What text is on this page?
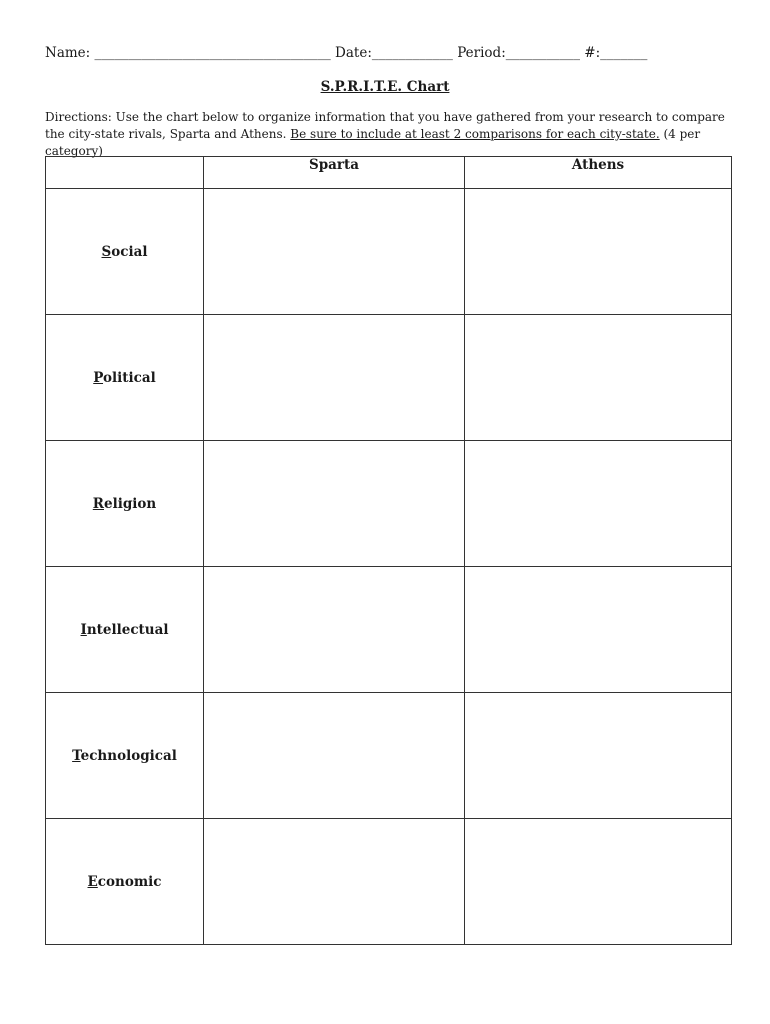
Name: ___________________________________ Date:____________ Period:___________ #:_______
S.P.R.I.T.E. Chart
Directions: Use the chart below to organize information that you have gathered from your research to compare the city-state rivals, Sparta and Athens. Be sure to include at least 2 comparisons for each city-state. (4 per category)
	Sparta	Athens
Social		
Political		
Religion		
Intellectual		
Technological		
Economic		
